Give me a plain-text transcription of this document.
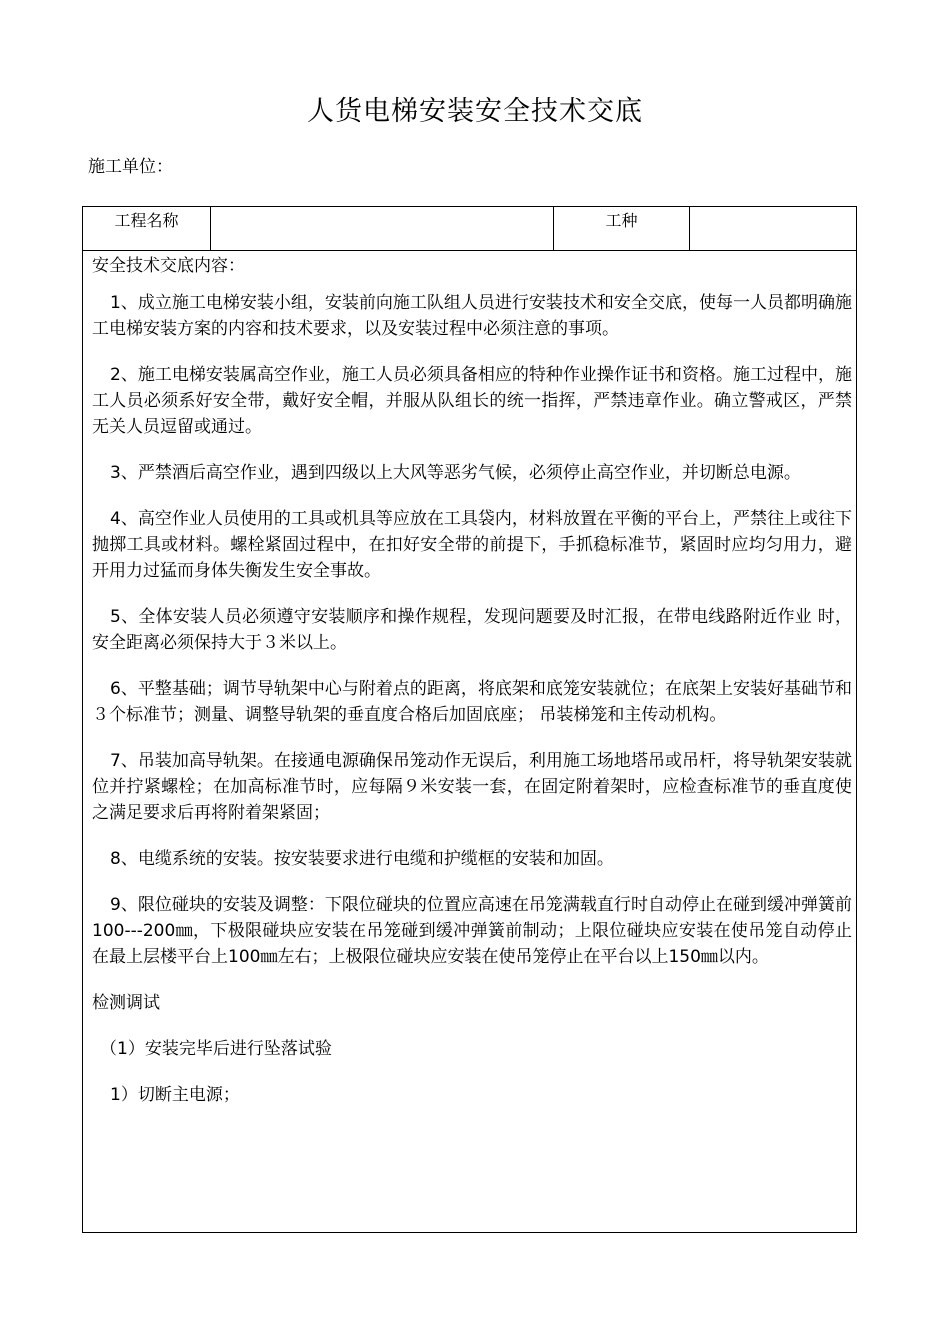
人货电梯安装安全技术交底
施工单位：
工程名称	工种
安全技术交底内容：

1、成立施工电梯安装小组，安装前向施工队组人员进行安装技术和安全交底，使每一人员都明确施工电梯安装方案的内容和技术要求，以及安装过程中必须注意的事项。

2、施工电梯安装属高空作业，施工人员必须具备相应的特种作业操作证书和资格。施工过程中，施工人员必须系好安全带，戴好安全帽，并服从队组长的统一指挥，严禁违章作业。确立警戒区，严禁无关人员逗留或通过。

3、严禁酒后高空作业，遇到四级以上大风等恶劣气候，必须停止高空作业，并切断总电源。

4、高空作业人员使用的工具或机具等应放在工具袋内，材料放置在平衡的平台上，严禁往上或往下抛掷工具或材料。螺栓紧固过程中，在扣好安全带的前提下，手抓稳标准节，紧固时应均匀用力，避开用力过猛而身体失衡发生安全事故。

5、全体安装人员必须遵守安装顺序和操作规程，发现问题要及时汇报，在带电线路附近作业 时，安全距离必须保持大于３米以上。

6、平整基础；调节导轨架中心与附着点的距离，将底架和底笼安装就位；在底架上安装好基础节和３个标准节；测量、调整导轨架的垂直度合格后加固底座； 吊装梯笼和主传动机构。

7、吊装加高导轨架。在接通电源确保吊笼动作无误后，利用施工场地塔吊或吊杆，将导轨架安装就位并拧紧螺栓；在加高标准节时，应每隔９米安装一套，在固定附着架时，应检查标准节的垂直度使之满足要求后再将附着架紧固；

8、电缆系统的安装。按安装要求进行电缆和护缆框的安装和加固。

9、限位碰块的安装及调整：下限位碰块的位置应高速在吊笼满载直行时自动停止在碰到缓冲弹簧前100---200㎜，下极限碰块应安装在吊笼碰到缓冲弹簧前制动；上限位碰块应安装在使吊笼自动停止在最上层楼平台上100㎜左右；上极限位碰块应安装在使吊笼停止在平台以上150㎜以内。

检测调试
（1）安装完毕后进行坠落试验
1）切断主电源；
